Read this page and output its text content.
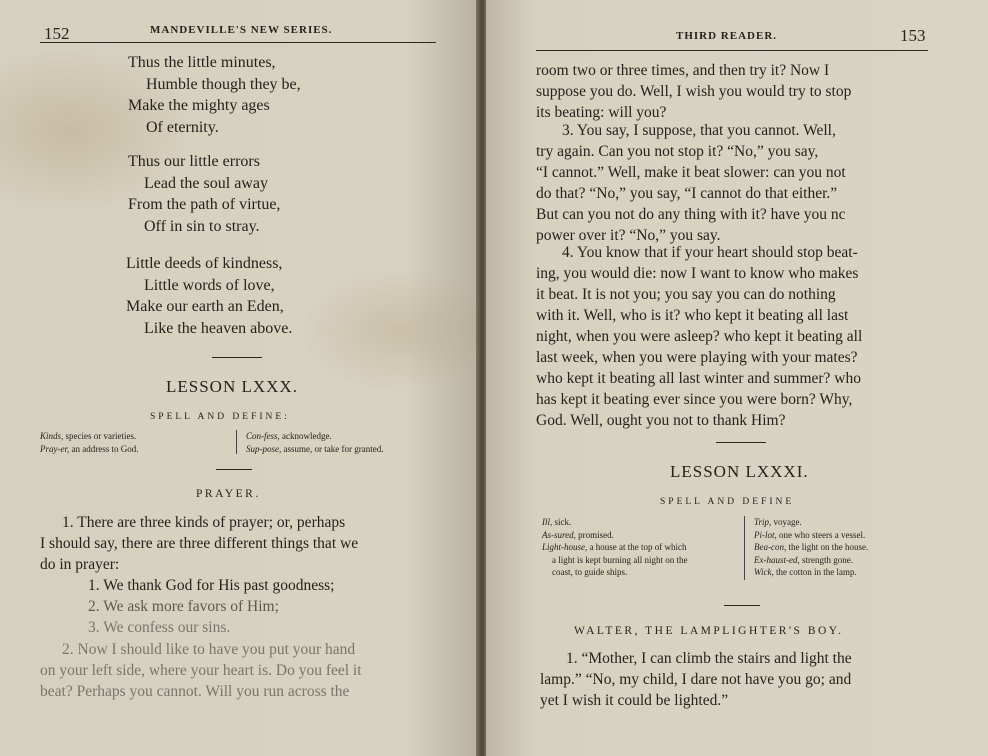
152	MANDEVILLE'S NEW SERIES.
Thus the little minutes,
Humble though they be,
Make the mighty ages
Of eternity.
Thus our little errors
Lead the soul away
From the path of virtue,
Off in sin to stray.
Little deeds of kindness,
Little words of love,
Make our earth an Eden,
Like the heaven above.
LESSON LXXX.
SPELL AND DEFINE:
Kinds, species or varieties.
Pray-er, an address to God.
Con-fess, acknowledge.
Sup-pose, assume, or take for granted.
PRAYER.
1. There are three kinds of prayer; or, perhaps
I should say, there are three different things that we
do in prayer:
1. We thank God for His past goodness;
2. We ask more favors of Him;
3. We confess our sins.
2. Now I should like to have you put your hand
on your left side, where your heart is. Do you feel it
beat? Perhaps you cannot. Will you run across the
THIRD READER.	153
room two or three times, and then try it? Now I
suppose you do. Well, I wish you would try to stop
its beating: will you?
3. You say, I suppose, that you cannot. Well,
try again. Can you not stop it? “No,” you say,
“I cannot.” Well, make it beat slower: can you not
do that? “No,” you say, “I cannot do that either.”
But can you not do any thing with it? have you nc
power over it? “No,” you say.
4. You know that if your heart should stop beat-
ing, you would die: now I want to know who makes
it beat. It is not you; you say you can do nothing
with it. Well, who is it? who kept it beating all last
night, when you were asleep? who kept it beating all
last week, when you were playing with your mates?
who kept it beating all last winter and summer? who
has kept it beating ever since you were born? Why,
God. Well, ought you not to thank Him?
LESSON LXXXI.
SPELL AND DEFINE
Ill, sick.
As-sured, promised.
Light-house, a house at the top of which
a light is kept burning all night on the
coast, to guide ships.
Trip, voyage.
Pi-lot, one who steers a vessel.
Bea-con, the light on the house.
Ex-haust-ed, strength gone.
Wick, the cotton in the lamp.
WALTER, THE LAMPLIGHTER'S BOY.
1. “Mother, I can climb the stairs and light the
lamp.” “No, my child, I dare not have you go; and
yet I wish it could be lighted.”
